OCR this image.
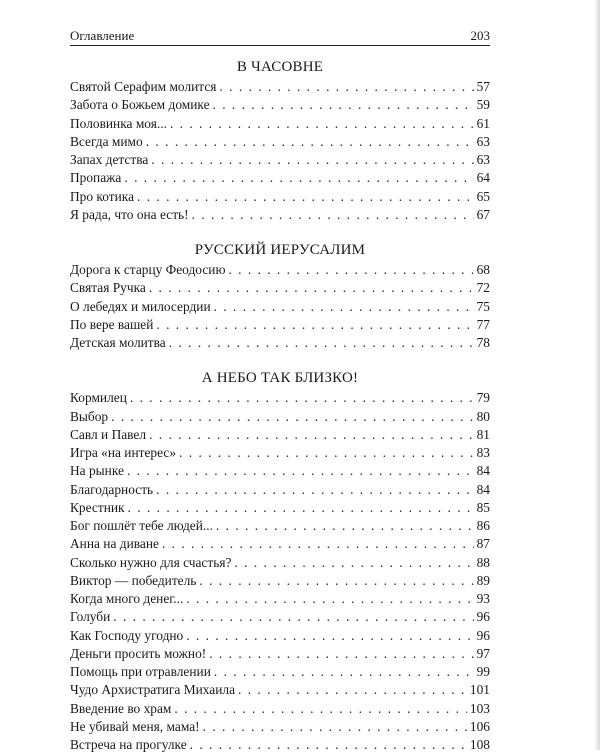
Оглавление	203
В ЧАСОВНЕ
Святой Серафим молится . . .	57
Забота о Божьем домике . . .	59
Половинка моя... . . .	61
Всегда мимо . . .	63
Запах детства . . .	63
Пропажа . . .	64
Про котика . . .	65
Я рада, что она есть! . . .	67
РУССКИЙ ИЕРУСАЛИМ
Дорога к старцу Феодосию . . .	68
Святая Ручка . . .	72
О лебедях и милосердии . . .	75
По вере вашей . . .	77
Детская молитва . . .	78
А НЕБО ТАК БЛИЗКО!
Кормилец . . .	79
Выбор . . .	80
Савл и Павел . . .	81
Игра «на интерес» . . .	83
На рынке . . .	84
Благодарность . . .	84
Крестник . . .	85
Бог пошлёт тебе людей... . . .	86
Анна на диване . . .	87
Сколько нужно для счастья? . . .	88
Виктор — победитель . . .	89
Когда много денег... . . .	93
Голуби . . .	96
Как Господу угодно . . .	96
Деньги просить можно! . . .	97
Помощь при отравлении . . .	99
Чудо Архистратига Михаила . . .	101
Введение во храм . . .	103
Не убивай меня, мама! . . .	106
Встреча на прогулке . . .	108
